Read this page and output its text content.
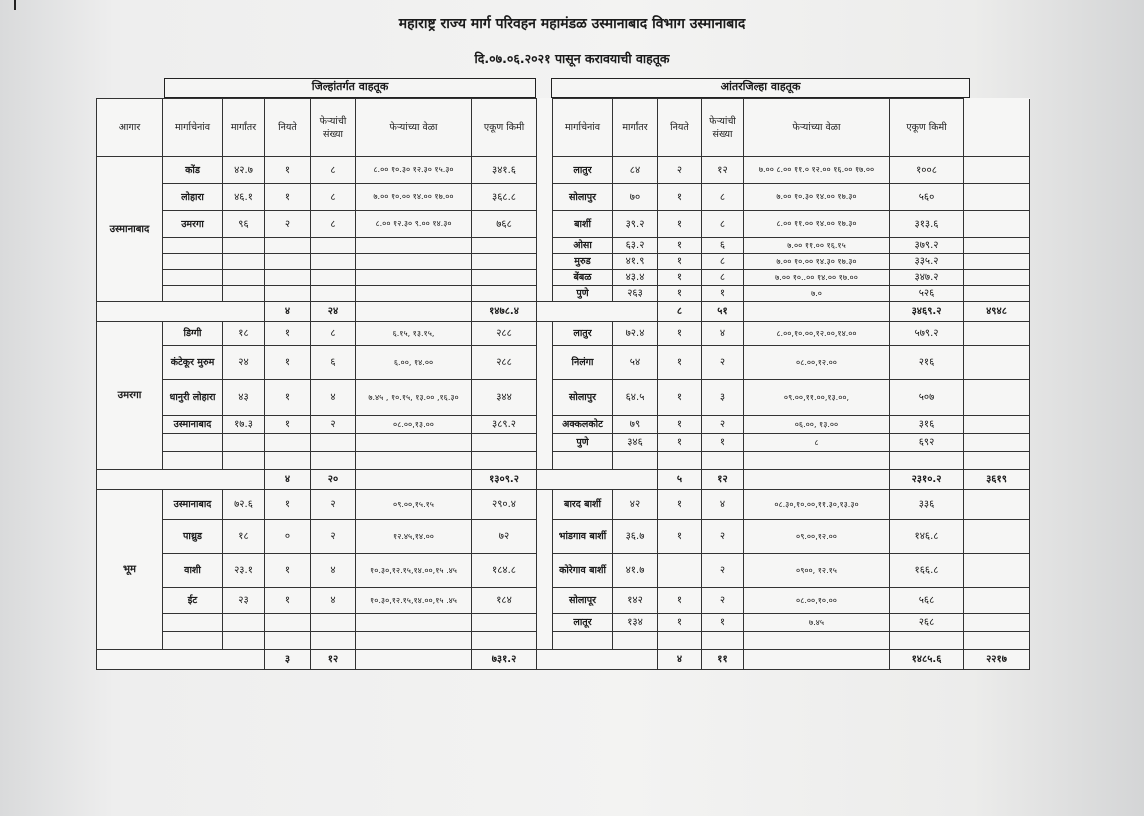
महाराष्ट्र राज्य मार्ग परिवहन महामंडळ उस्मानाबाद विभाग उस्मानाबाद
दि.०७.०६.२०२१ पासून करावयाची वाहतूक
जिल्हांतर्गत वाहतूक	आंतरजिल्हा वाहतूक
आगार	मार्गाचेनांव	मार्गांतर	नियते	फेऱ्यांची संख्या	फेऱ्यांच्या वेळा	एकूण किमी		मार्गाचेनांव	मार्गांतर	नियते	फेऱ्यांची संख्या	फेऱ्यांच्या वेळा	एकूण किमी	
उस्मानाबाद	कोंड	४२.७	१	८	८.०० १०.३० १२.३० १५.३०	३४१.६		लातुर	८४	२	१२	७.०० ८.०० ११.० १२.०० १६.०० १७.००	१००८	
	लोहारा	४६.१	१	८	७.०० १०.०० १४.०० १७.००	३६८.८		सोलापुर	७०	१	८	७.०० १०.३० १४.०० १७.३०	५६०	
	उमरगा	९६	२	८	८.०० १२.३० ९.०० १४.३०	७६८		बार्शी	३९.२	१	८	८.०० ११.०० १४.०० १७.३०	३१३.६	
								ओसा	६३.२	१	६	७.०० ११.०० १६.१५	३७९.२	
								मुरुड	४१.९	१	८	७.०० १०.०० १४.३० १७.३०	३३५.२	
								बेंबळ	४३.४	१	८	७.०० १०..०० १४.०० १७.००	३४७.२	
								पुणे	२६३	१	१	७.०	५२६	
			४	२४		१४७८.४				८	५१		३४६९.२	४९४८
उमरगा	डिग्गी	१८	१	८	६.१५, १३.१५,	२८८		लातुर	७२.४	१	४	८.००,१०.००,१२.००,१४.००	५७९.२	
	कंटेकूर मुरुम	२४	१	६	६.००, १४.००	२८८		निलंगा	५४	१	२	०८.००,१२.००	२१६	
	धानुरी लोहारा	४३	१	४	७.४५ , १०.१५, १३.०० ,१६.३०	३४४		सोलापुर	६४.५	१	३	०९.००,११.००,१३.००,	५०७	
	उस्मानाबाद	१७.३	१	२	०८.००,१३.००	३८९.२		अक्कलकोट	७९	१	२	०६.००, १३.००	३१६	
								पुणे	३४६	१	१	८	६९२	

			४	२०		१३०९.२				५	१२		२३१०.२	३६१९
भूम	उस्मानाबाद	७२.६	१	२	०९.००,१५.१५	२९०.४		बारद बार्शी	४२	१	४	०८.३०,१०.००,११.३०,१३.३०	३३६	
	पाथ्रुड	१८	०	२	१२.४५,१४.००	७२		भांडगाव बार्शी	३६.७	१	२	०९.००,१२.००	१४६.८	
	वाशी	२३.१	१	४	१०.३०,१२.१५,१४.००,१५ .४५	१८४.८		कोरेगाव बार्शी	४१.७		२	०९००, १२.१५	१६६.८	
	ईट	२३	१	४	१०.३०,१२.१५,१४.००,१५ .४५	१८४		सोलापूर	१४२	१	२	०८.००,१०.००	५६८	
								लातूर	१३४	१	१	७.४५	२६८	

			३	१२		७३१.२				४	११		१४८५.६	२२१७
